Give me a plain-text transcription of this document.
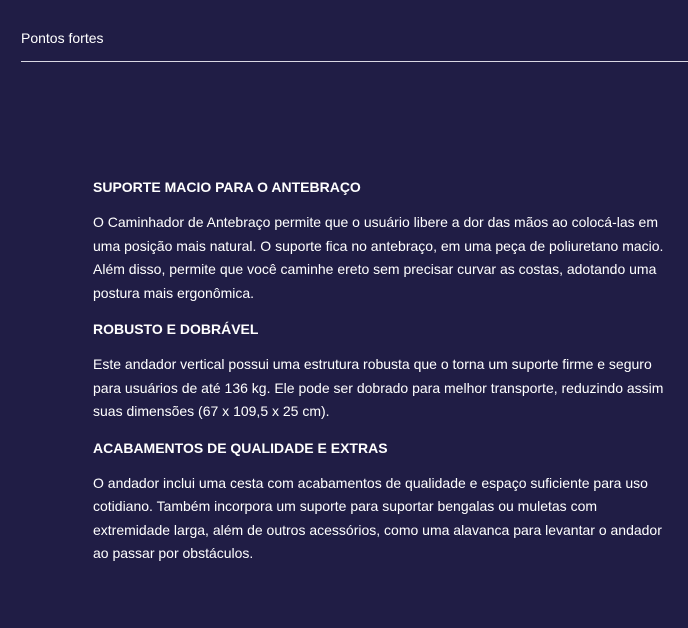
Pontos fortes
SUPORTE MACIO PARA O ANTEBRAÇO
O Caminhador de Antebraço permite que o usuário libere a dor das mãos ao colocá-las em uma posição mais natural. O suporte fica no antebraço, em uma peça de poliuretano macio. Além disso, permite que você caminhe ereto sem precisar curvar as costas, adotando uma postura mais ergonômica.
ROBUSTO E DOBRÁVEL
Este andador vertical possui uma estrutura robusta que o torna um suporte firme e seguro para usuários de até 136 kg. Ele pode ser dobrado para melhor transporte, reduzindo assim suas dimensões (67 x 109,5 x 25 cm).
ACABAMENTOS DE QUALIDADE E EXTRAS
O andador inclui uma cesta com acabamentos de qualidade e espaço suficiente para uso cotidiano. Também incorpora um suporte para suportar bengalas ou muletas com extremidade larga, além de outros acessórios, como uma alavanca para levantar o andador ao passar por obstáculos.
